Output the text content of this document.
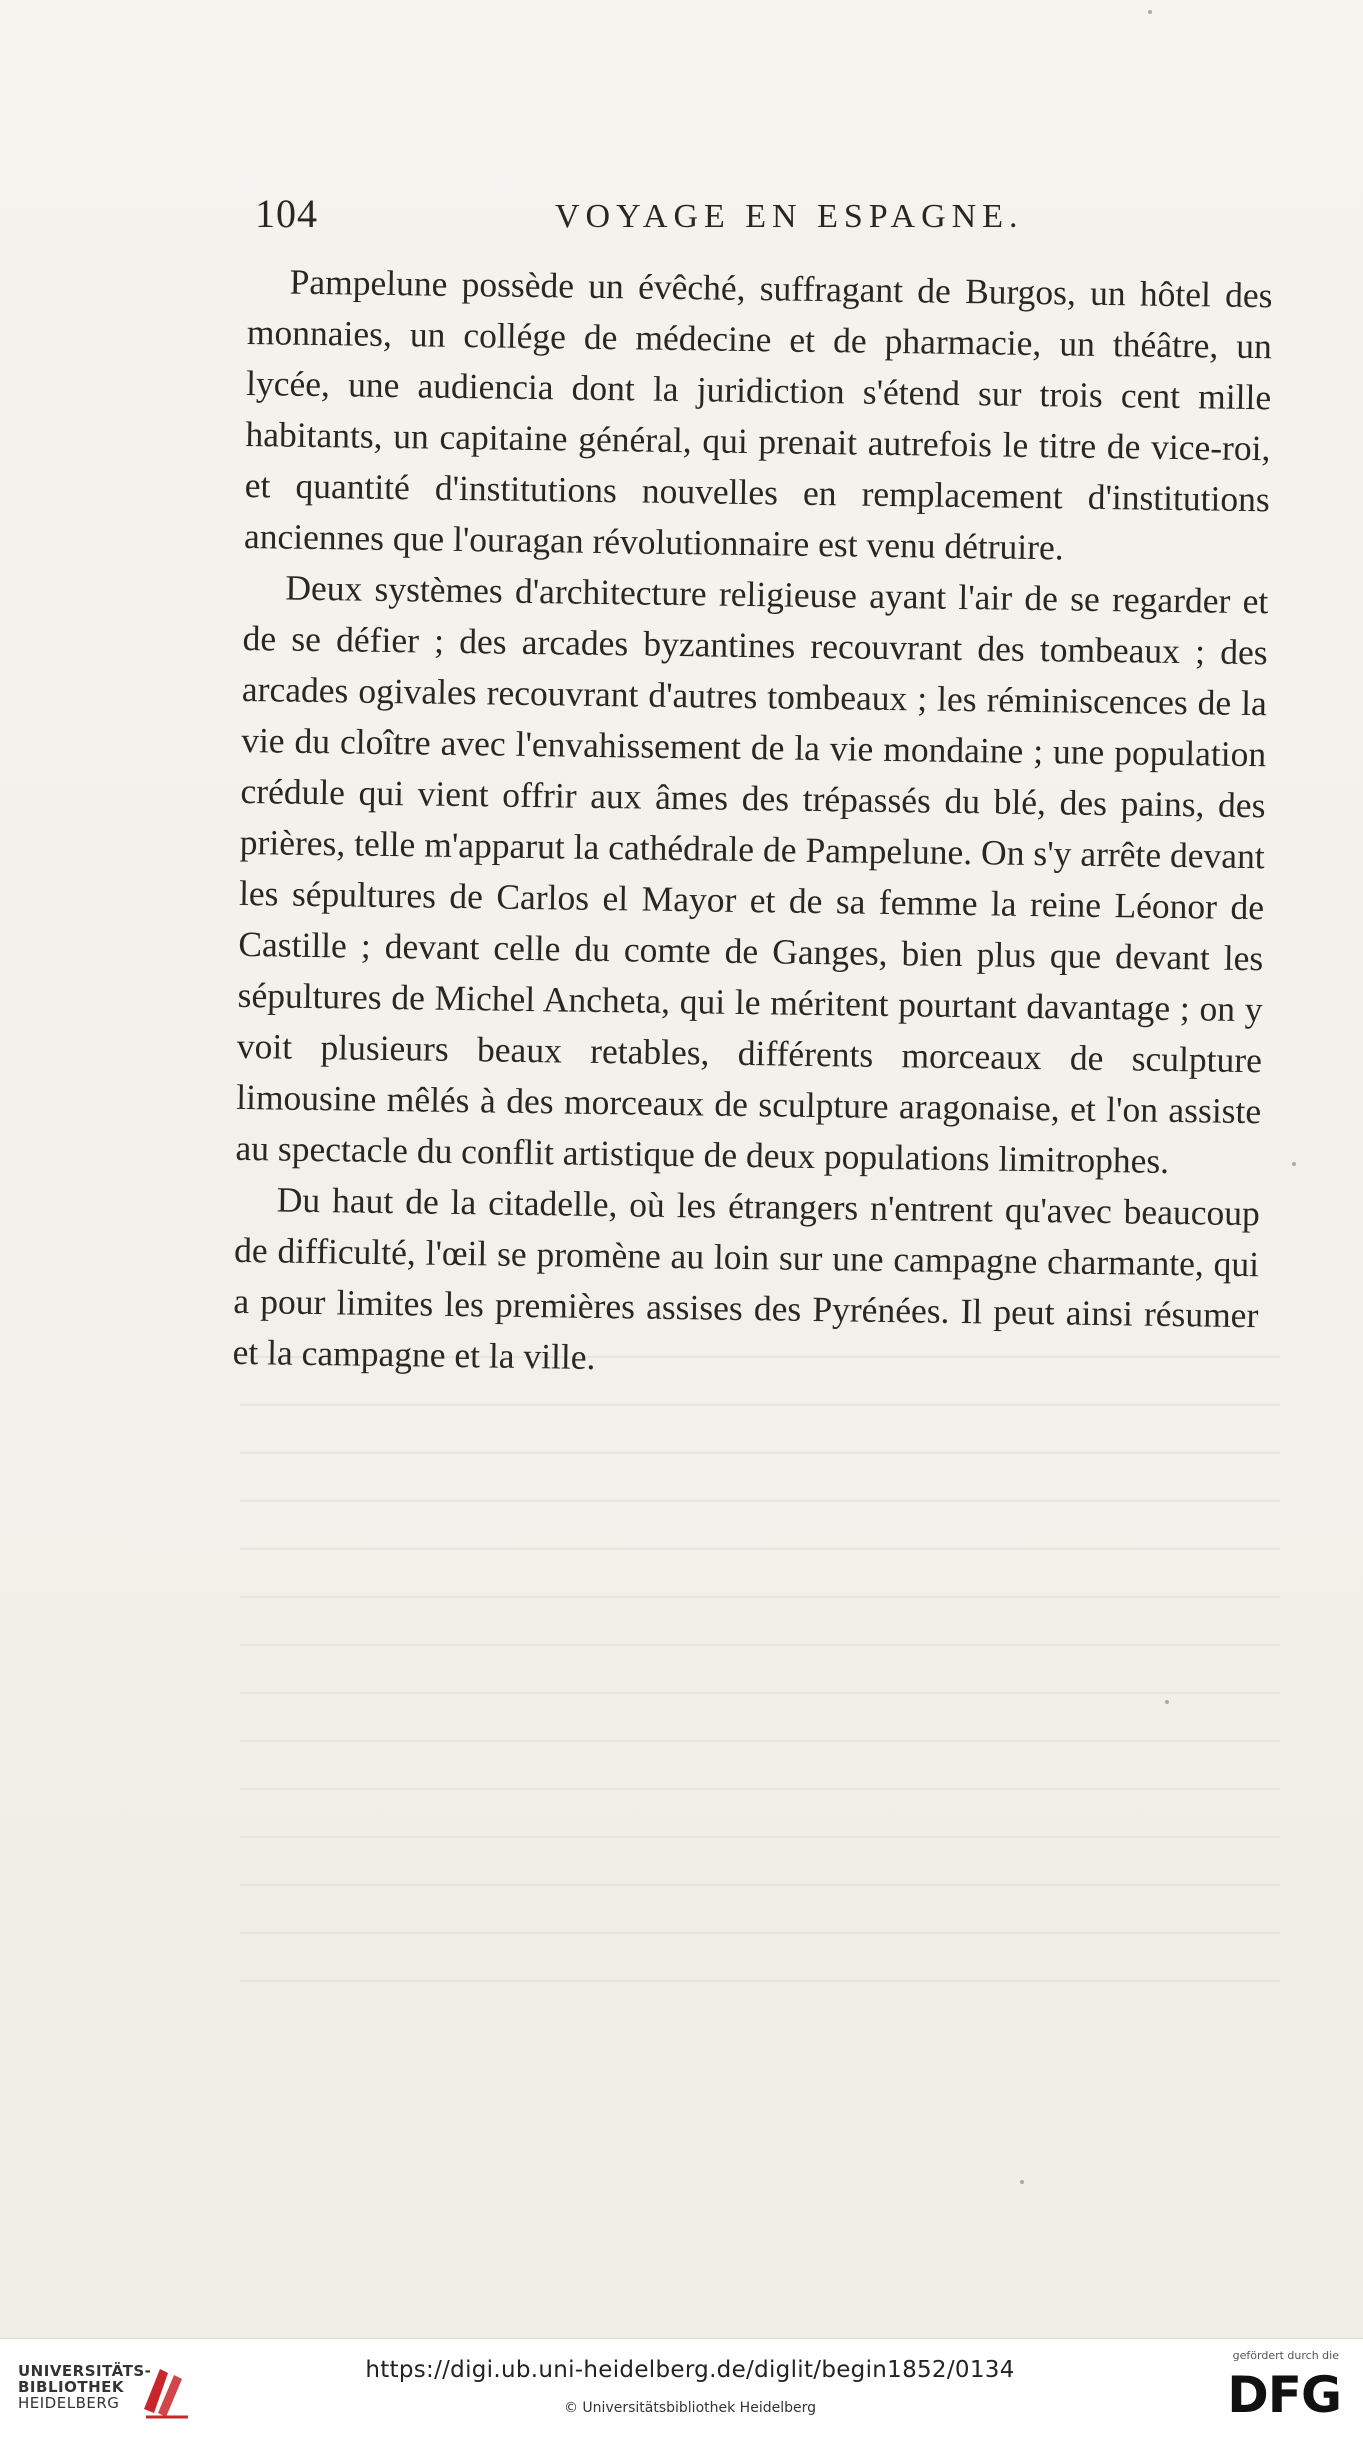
104	VOYAGE EN ESPAGNE.

Pampelune possède un évêché, suffragant de Burgos, un hôtel des monnaies, un collége de médecine et de pharmacie, un théâtre, un lycée, une audiencia dont la juridiction s'étend sur trois cent mille habitants, un capitaine général, qui prenait autrefois le titre de vice-roi, et quantité d'institutions nouvelles en remplacement d'institutions anciennes que l'ouragan révolutionnaire est venu détruire.

Deux systèmes d'architecture religieuse ayant l'air de se regarder et de se défier ; des arcades byzantines recouvrant des tombeaux ; des arcades ogivales recouvrant d'autres tombeaux ; les réminiscences de la vie du cloître avec l'envahissement de la vie mondaine ; une population crédule qui vient offrir aux âmes des trépassés du blé, des pains, des prières, telle m'apparut la cathédrale de Pampelune. On s'y arrête devant les sépultures de Carlos el Mayor et de sa femme la reine Léonor de Castille ; devant celle du comte de Ganges, bien plus que devant les sépultures de Michel Ancheta, qui le méritent pourtant davantage ; on y voit plusieurs beaux retables, différents morceaux de sculpture limousine mêlés à des morceaux de sculpture aragonaise, et l'on assiste au spectacle du conflit artistique de deux populations limitrophes.

Du haut de la citadelle, où les étrangers n'entrent qu'avec beaucoup de difficulté, l'œil se promène au loin sur une campagne charmante, qui a pour limites les premières assises des Pyrénées. Il peut ainsi résumer et la campagne et la ville.

UNIVERSITÄTS-
BIBLIOTHEK
HEIDELBERG
https://digi.ub.uni-heidelberg.de/diglit/begin1852/0134
© Universitätsbibliothek Heidelberg
gefördert durch die
DFG
